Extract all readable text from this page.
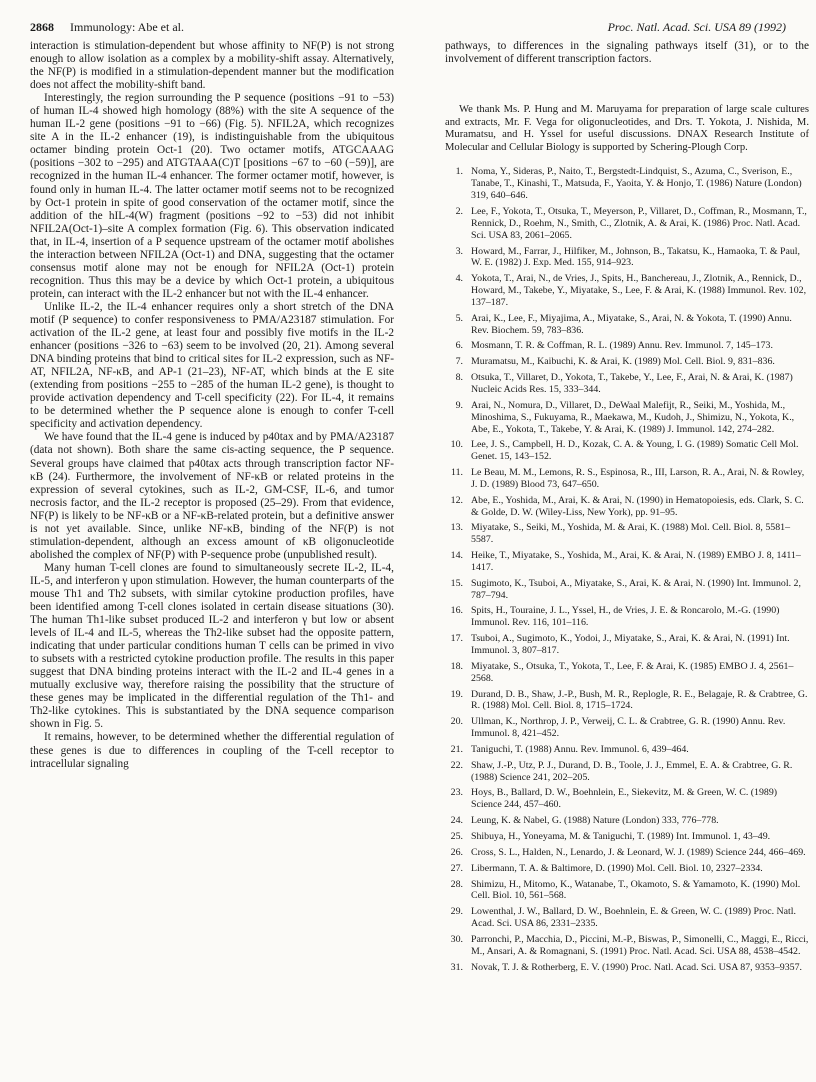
2868 Immunology: Abe et al.	Proc. Natl. Acad. Sci. USA 89 (1992)

interaction is stimulation-dependent but whose affinity to NF(P) is not strong enough to allow isolation as a complex by a mobility-shift assay. Alternatively, the NF(P) is modified in a stimulation-dependent manner but the modification does not affect the mobility-shift band.

Interestingly, the region surrounding the P sequence (positions −91 to −53) of human IL-4 showed high homology (88%) with the site A sequence of the human IL-2 gene (positions −91 to −66) (Fig. 5). NFIL2A, which recognizes site A in the IL-2 enhancer (19), is indistinguishable from the ubiquitous octamer binding protein Oct-1 (20). Two octamer motifs, ATGCAAAG (positions −302 to −295) and ATGTAAA(C)T [positions −67 to −60 (−59)], are recognized in the human IL-4 enhancer. The former octamer motif, however, is found only in human IL-4. The latter octamer motif seems not to be recognized by Oct-1 protein in spite of good conservation of the octamer motif, since the addition of the hIL-4(W) fragment (positions −92 to −53) did not inhibit NFIL2A(Oct-1)–site A complex formation (Fig. 6). This observation indicated that, in IL-4, insertion of a P sequence upstream of the octamer motif abolishes the interaction between NFIL2A (Oct-1) and DNA, suggesting that the octamer consensus motif alone may not be enough for NFIL2A (Oct-1) protein recognition. Thus this may be a device by which Oct-1 protein, a ubiquitous protein, can interact with the IL-2 enhancer but not with the IL-4 enhancer.

Unlike IL-2, the IL-4 enhancer requires only a short stretch of the DNA motif (P sequence) to confer responsiveness to PMA/A23187 stimulation. For activation of the IL-2 gene, at least four and possibly five motifs in the IL-2 enhancer (positions −326 to −63) seem to be involved (20, 21). Among several DNA binding proteins that bind to critical sites for IL-2 expression, such as NF-AT, NFIL2A, NF-κB, and AP-1 (21–23), NF-AT, which binds at the E site (extending from positions −255 to −285 of the human IL-2 gene), is thought to provide activation dependency and T-cell specificity (22). For IL-4, it remains to be determined whether the P sequence alone is enough to confer T-cell specificity and activation dependency.

We have found that the IL-4 gene is induced by p40tax and by PMA/A23187 (data not shown). Both share the same cis-acting sequence, the P sequence. Several groups have claimed that p40tax acts through transcription factor NF-κB (24). Furthermore, the involvement of NF-κB or related proteins in the expression of several cytokines, such as IL-2, GM-CSF, IL-6, and tumor necrosis factor, and the IL-2 receptor is proposed (25–29). From that evidence, NF(P) is likely to be NF-κB or a NF-κB-related protein, but a definitive answer is not yet available. Since, unlike NF-κB, binding of the NF(P) is not stimulation-dependent, although an excess amount of κB oligonucleotide abolished the complex of NF(P) with P-sequence probe (unpublished result).

Many human T-cell clones are found to simultaneously secrete IL-2, IL-4, IL-5, and interferon γ upon stimulation. However, the human counterparts of the mouse Th1 and Th2 subsets, with similar cytokine production profiles, have been identified among T-cell clones isolated in certain disease situations (30). The human Th1-like subset produced IL-2 and interferon γ but low or absent levels of IL-4 and IL-5, whereas the Th2-like subset had the opposite pattern, indicating that under particular conditions human T cells can be primed in vivo to subsets with a restricted cytokine production profile. The results in this paper suggest that DNA binding proteins interact with the IL-2 and IL-4 genes in a mutually exclusive way, therefore raising the possibility that the structure of these genes may be implicated in the differential regulation of the Th1- and Th2-like cytokines. This is substantiated by the DNA sequence comparison shown in Fig. 5.

It remains, however, to be determined whether the differential regulation of these genes is due to differences in coupling of the T-cell receptor to intracellular signaling

pathways, to differences in the signaling pathways itself (31), or to the involvement of different transcription factors.

We thank Ms. P. Hung and M. Maruyama for preparation of large scale cultures and extracts, Mr. F. Vega for oligonucleotides, and Drs. T. Yokota, J. Nishida, M. Muramatsu, and H. Yssel for useful discussions. DNAX Research Institute of Molecular and Cellular Biology is supported by Schering-Plough Corp.

1. Noma, Y., Sideras, P., Naito, T., Bergstedt-Lindquist, S., Azuma, C., Sverison, E., Tanabe, T., Kinashi, T., Matsuda, F., Yaoita, Y. & Honjo, T. (1986) Nature (London) 319, 640–646.
2. Lee, F., Yokota, T., Otsuka, T., Meyerson, P., Villaret, D., Coffman, R., Mosmann, T., Rennick, D., Roehm, N., Smith, C., Zlotnik, A. & Arai, K. (1986) Proc. Natl. Acad. Sci. USA 83, 2061–2065.
3. Howard, M., Farrar, J., Hilfiker, M., Johnson, B., Takatsu, K., Hamaoka, T. & Paul, W. E. (1982) J. Exp. Med. 155, 914–923.
4. Yokota, T., Arai, N., de Vries, J., Spits, H., Banchereau, J., Zlotnik, A., Rennick, D., Howard, M., Takebe, Y., Miyatake, S., Lee, F. & Arai, K. (1988) Immunol. Rev. 102, 137–187.
5. Arai, K., Lee, F., Miyajima, A., Miyatake, S., Arai, N. & Yokota, T. (1990) Annu. Rev. Biochem. 59, 783–836.
6. Mosmann, T. R. & Coffman, R. L. (1989) Annu. Rev. Immunol. 7, 145–173.
7. Muramatsu, M., Kaibuchi, K. & Arai, K. (1989) Mol. Cell. Biol. 9, 831–836.
8. Otsuka, T., Villaret, D., Yokota, T., Takebe, Y., Lee, F., Arai, N. & Arai, K. (1987) Nucleic Acids Res. 15, 333–344.
9. Arai, N., Nomura, D., Villaret, D., DeWaal Malefijt, R., Seiki, M., Yoshida, M., Minoshima, S., Fukuyama, R., Maekawa, M., Kudoh, J., Shimizu, N., Yokota, K., Abe, E., Yokota, T., Takebe, Y. & Arai, K. (1989) J. Immunol. 142, 274–282.
10. Lee, J. S., Campbell, H. D., Kozak, C. A. & Young, I. G. (1989) Somatic Cell Mol. Genet. 15, 143–152.
11. Le Beau, M. M., Lemons, R. S., Espinosa, R., III, Larson, R. A., Arai, N. & Rowley, J. D. (1989) Blood 73, 647–650.
12. Abe, E., Yoshida, M., Arai, K. & Arai, N. (1990) in Hematopoiesis, eds. Clark, S. C. & Golde, D. W. (Wiley-Liss, New York), pp. 91–95.
13. Miyatake, S., Seiki, M., Yoshida, M. & Arai, K. (1988) Mol. Cell. Biol. 8, 5581–5587.
14. Heike, T., Miyatake, S., Yoshida, M., Arai, K. & Arai, N. (1989) EMBO J. 8, 1411–1417.
15. Sugimoto, K., Tsuboi, A., Miyatake, S., Arai, K. & Arai, N. (1990) Int. Immunol. 2, 787–794.
16. Spits, H., Touraine, J. L., Yssel, H., de Vries, J. E. & Roncarolo, M.-G. (1990) Immunol. Rev. 116, 101–116.
17. Tsuboi, A., Sugimoto, K., Yodoi, J., Miyatake, S., Arai, K. & Arai, N. (1991) Int. Immunol. 3, 807–817.
18. Miyatake, S., Otsuka, T., Yokota, T., Lee, F. & Arai, K. (1985) EMBO J. 4, 2561–2568.
19. Durand, D. B., Shaw, J.-P., Bush, M. R., Replogle, R. E., Belagaje, R. & Crabtree, G. R. (1988) Mol. Cell. Biol. 8, 1715–1724.
20. Ullman, K., Northrop, J. P., Verweij, C. L. & Crabtree, G. R. (1990) Annu. Rev. Immunol. 8, 421–452.
21. Taniguchi, T. (1988) Annu. Rev. Immunol. 6, 439–464.
22. Shaw, J.-P., Utz, P. J., Durand, D. B., Toole, J. J., Emmel, E. A. & Crabtree, G. R. (1988) Science 241, 202–205.
23. Hoys, B., Ballard, D. W., Boehnlein, E., Siekevitz, M. & Green, W. C. (1989) Science 244, 457–460.
24. Leung, K. & Nabel, G. (1988) Nature (London) 333, 776–778.
25. Shibuya, H., Yoneyama, M. & Taniguchi, T. (1989) Int. Immunol. 1, 43–49.
26. Cross, S. L., Halden, N., Lenardo, J. & Leonard, W. J. (1989) Science 244, 466–469.
27. Libermann, T. A. & Baltimore, D. (1990) Mol. Cell. Biol. 10, 2327–2334.
28. Shimizu, H., Mitomo, K., Watanabe, T., Okamoto, S. & Yamamoto, K. (1990) Mol. Cell. Biol. 10, 561–568.
29. Lowenthal, J. W., Ballard, D. W., Boehnlein, E. & Green, W. C. (1989) Proc. Natl. Acad. Sci. USA 86, 2331–2335.
30. Parronchi, P., Macchia, D., Piccini, M.-P., Biswas, P., Simonelli, C., Maggi, E., Ricci, M., Ansari, A. & Romagnani, S. (1991) Proc. Natl. Acad. Sci. USA 88, 4538–4542.
31. Novak, T. J. & Rotherberg, E. V. (1990) Proc. Natl. Acad. Sci. USA 87, 9353–9357.
